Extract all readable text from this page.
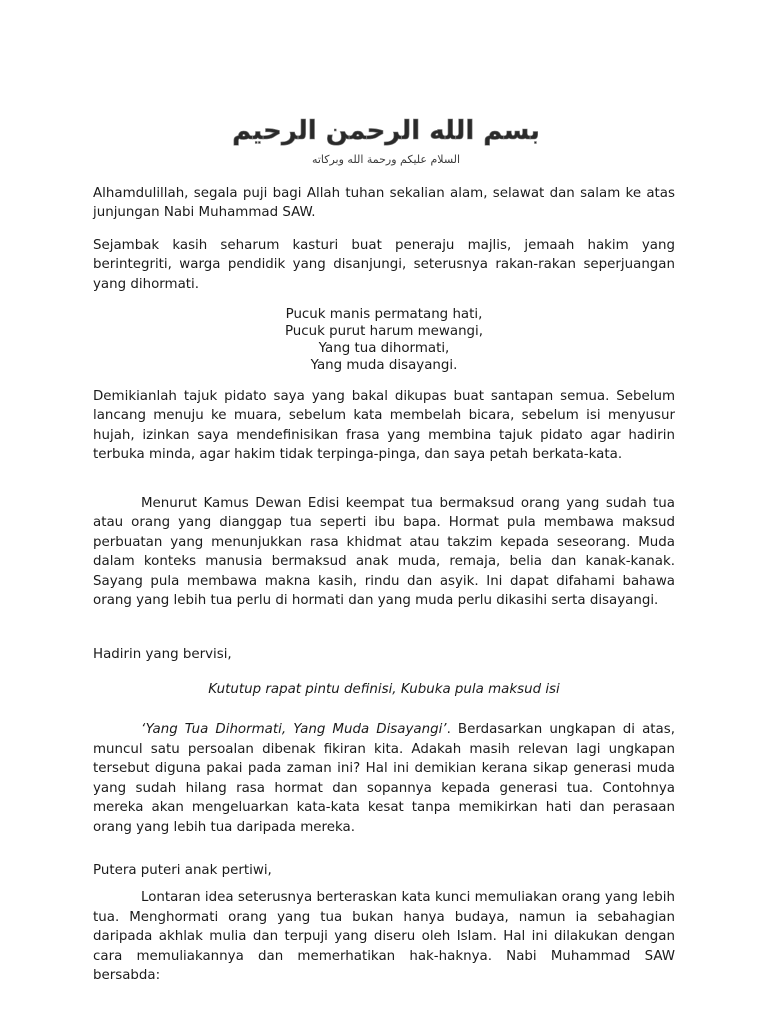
بسم الله الرحمن الرحيم
السلام عليكم ورحمة الله وبركاته

Alhamdulillah, segala puji bagi Allah tuhan sekalian alam, selawat dan salam ke atas junjungan Nabi Muhammad SAW.

Sejambak kasih seharum kasturi buat peneraju majlis, jemaah hakim yang berintegriti, warga pendidik yang disanjungi, seterusnya rakan-rakan seperjuangan yang dihormati.

Pucuk manis permatang hati,
Pucuk purut harum mewangi,
Yang tua dihormati,
Yang muda disayangi.

Demikianlah tajuk pidato saya yang bakal dikupas buat santapan semua. Sebelum lancang menuju ke muara, sebelum kata membelah bicara, sebelum isi menyusur hujah, izinkan saya mendefinisikan frasa yang membina tajuk pidato agar hadirin terbuka minda, agar hakim tidak terpinga-pinga, dan saya petah berkata-kata.

Menurut Kamus Dewan Edisi keempat tua bermaksud orang yang sudah tua atau orang yang dianggap tua seperti ibu bapa. Hormat pula membawa maksud perbuatan yang menunjukkan rasa khidmat atau takzim kepada seseorang. Muda dalam konteks manusia bermaksud anak muda, remaja, belia dan kanak-kanak. Sayang pula membawa makna kasih, rindu dan asyik. Ini dapat difahami bahawa orang yang lebih tua perlu di hormati dan yang muda perlu dikasihi serta disayangi.

Hadirin yang bervisi,

Kututup rapat pintu definisi, Kubuka pula maksud isi

‘Yang Tua Dihormati, Yang Muda Disayangi’. Berdasarkan ungkapan di atas, muncul satu persoalan dibenak fikiran kita. Adakah masih relevan lagi ungkapan tersebut diguna pakai pada zaman ini? Hal ini demikian kerana sikap generasi muda yang sudah hilang rasa hormat dan sopannya kepada generasi tua. Contohnya mereka akan mengeluarkan kata-kata kesat tanpa memikirkan hati dan perasaan orang yang lebih tua daripada mereka.

Putera puteri anak pertiwi,

Lontaran idea seterusnya berteraskan kata kunci memuliakan orang yang lebih tua. Menghormati orang yang tua bukan hanya budaya, namun ia sebahagian daripada akhlak mulia dan terpuji yang diseru oleh Islam. Hal ini dilakukan dengan cara memuliakannya dan memerhatikan hak-haknya. Nabi Muhammad SAW bersabda:
